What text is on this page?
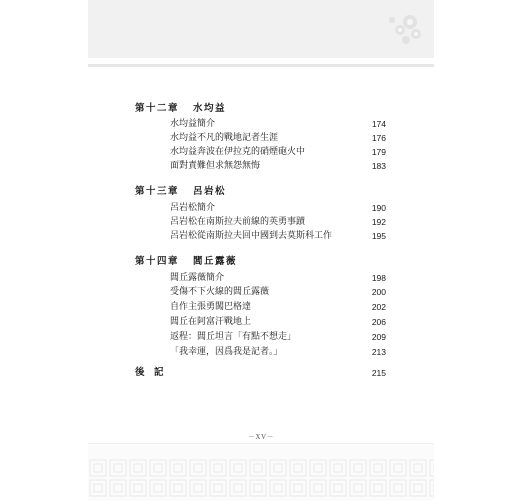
第十二章 水均益
水均益簡介	174
水均益不凡的戰地記者生涯	176
水均益奔波在伊拉克的硝煙砲火中	179
面對責難但求無怨無悔	183
第十三章 呂岩松
呂岩松簡介	190
呂岩松在南斯拉夫前線的英勇事蹟	192
呂岩松從南斯拉夫回中國到去莫斯科工作	195
第十四章 閭丘露薇
閭丘露薇簡介	198
受傷不下火線的閭丘露薇	200
自作主張勇闖巴格達	202
閭丘在阿富汗戰地上	206
返程：閭丘坦言「有點不想走」	209
「我幸運，因爲我是記者。」	213
後　記	215
－XV－
